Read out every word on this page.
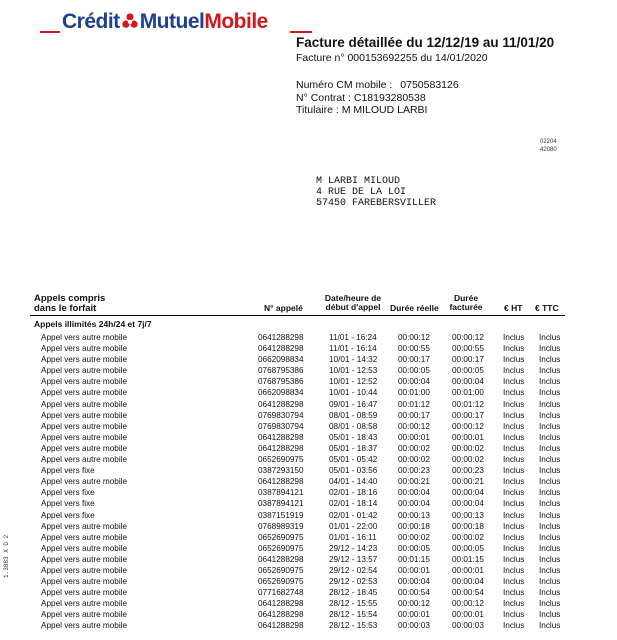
Crédit MutuelMobile
Facture détaillée du 12/12/19 au 11/01/20
Facture n° 000153692255 du 14/01/2020
Numéro CM mobile : 0750583126
N° Contrat : C18193280538
Titulaire : M MILOUD LARBI
02204
42080
M LARBI MILOUD
4 RUE DE LA LOI
57450 FAREBERSVILLER
1.3883 X D 2
Appels compris
dans le forfait	N° appelé
Date/heure de
début d'appel	Durée réelle
Durée
facturée	€ HT € TTC
Appels illimités 24h/24 et 7j/7
Appel vers autre mobile	0641288298	11/01 - 16:24	00:00:12	00:00:12 Inclus Inclus
Appel vers autre mobile	0641288298	11/01 - 16:14	00:00:55	00:00:55 Inclus Inclus
Appel vers autre mobile	0662098834	10/01 - 14:32	00:00:17	00:00:17 Inclus Inclus
Appel vers autre mobile	0768795386	10/01 - 12:53	00:00:05	00:00:05 Inclus Inclus
Appel vers autre mobile	0768795386	10/01 - 12:52	00:00:04	00:00:04 Inclus Inclus
Appel vers autre mobile	0662098834	10/01 - 10:44	00:01:00	00:01:00 Inclus Inclus
Appel vers autre mobile	0641288298	09/01 - 16:47	00:01:12	00:01:12 Inclus Inclus
Appel vers autre mobile	0769830794	08/01 - 08:59	00:00:17	00:00:17 Inclus Inclus
Appel vers autre mobile	0769830794	08/01 - 08:58	00:00:12	00:00:12 Inclus Inclus
Appel vers autre mobile	0641288298	05/01 - 18:43	00:00:01	00:00:01 Inclus Inclus
Appel vers autre mobile	0641288298	05/01 - 18:37	00:00:02	00:00:02 Inclus Inclus
Appel vers autre mobile	0652690975	05/01 - 05:42	00:00:02	00:00:02 Inclus Inclus
Appel vers fixe	0387293150	05/01 - 03:56	00:00:23	00:00:23 Inclus Inclus
Appel vers autre mobile	0641288298	04/01 - 14:40	00:00:21	00:00:21 Inclus Inclus
Appel vers fixe	0387894121	02/01 - 18:16	00:00:04	00:00:04 Inclus Inclus
Appel vers fixe	0387894121	02/01 - 18:14	00:00:04	00:00:04 Inclus Inclus
Appel vers fixe	0387151919	02/01 - 01:42	00:00:13	00:00:13 Inclus Inclus
Appel vers autre mobile	0768989319	01/01 - 22:00	00:00:18	00:00:18 Inclus Inclus
Appel vers autre mobile	0652690975	01/01 - 16:11	00:00:02	00:00:02 Inclus Inclus
Appel vers autre mobile	0652690975	29/12 - 14:23	00:00:05	00:00:05 Inclus Inclus
Appel vers autre mobile	0641288298	29/12 - 13:57	00:01:15	00:01:15 Inclus Inclus
Appel vers autre mobile	0652690975	29/12 - 02:54	00:00:01	00:00:01 Inclus Inclus
Appel vers autre mobile	0652690975	29/12 - 02:53	00:00:04	00:00:04 Inclus Inclus
Appel vers autre mobile	0771682748	28/12 - 18:45	00:00:54	00:00:54 Inclus Inclus
Appel vers autre mobile	0641288298	28/12 - 15:55	00:00:12	00:00:12 Inclus Inclus
Appel vers autre mobile	0641288298	28/12 - 15:54	00:00:01	00:00:01 Inclus Inclus
Appel vers autre mobile	0641288298	28/12 - 15:53	00:00:03	00:00:03 Inclus Inclus
